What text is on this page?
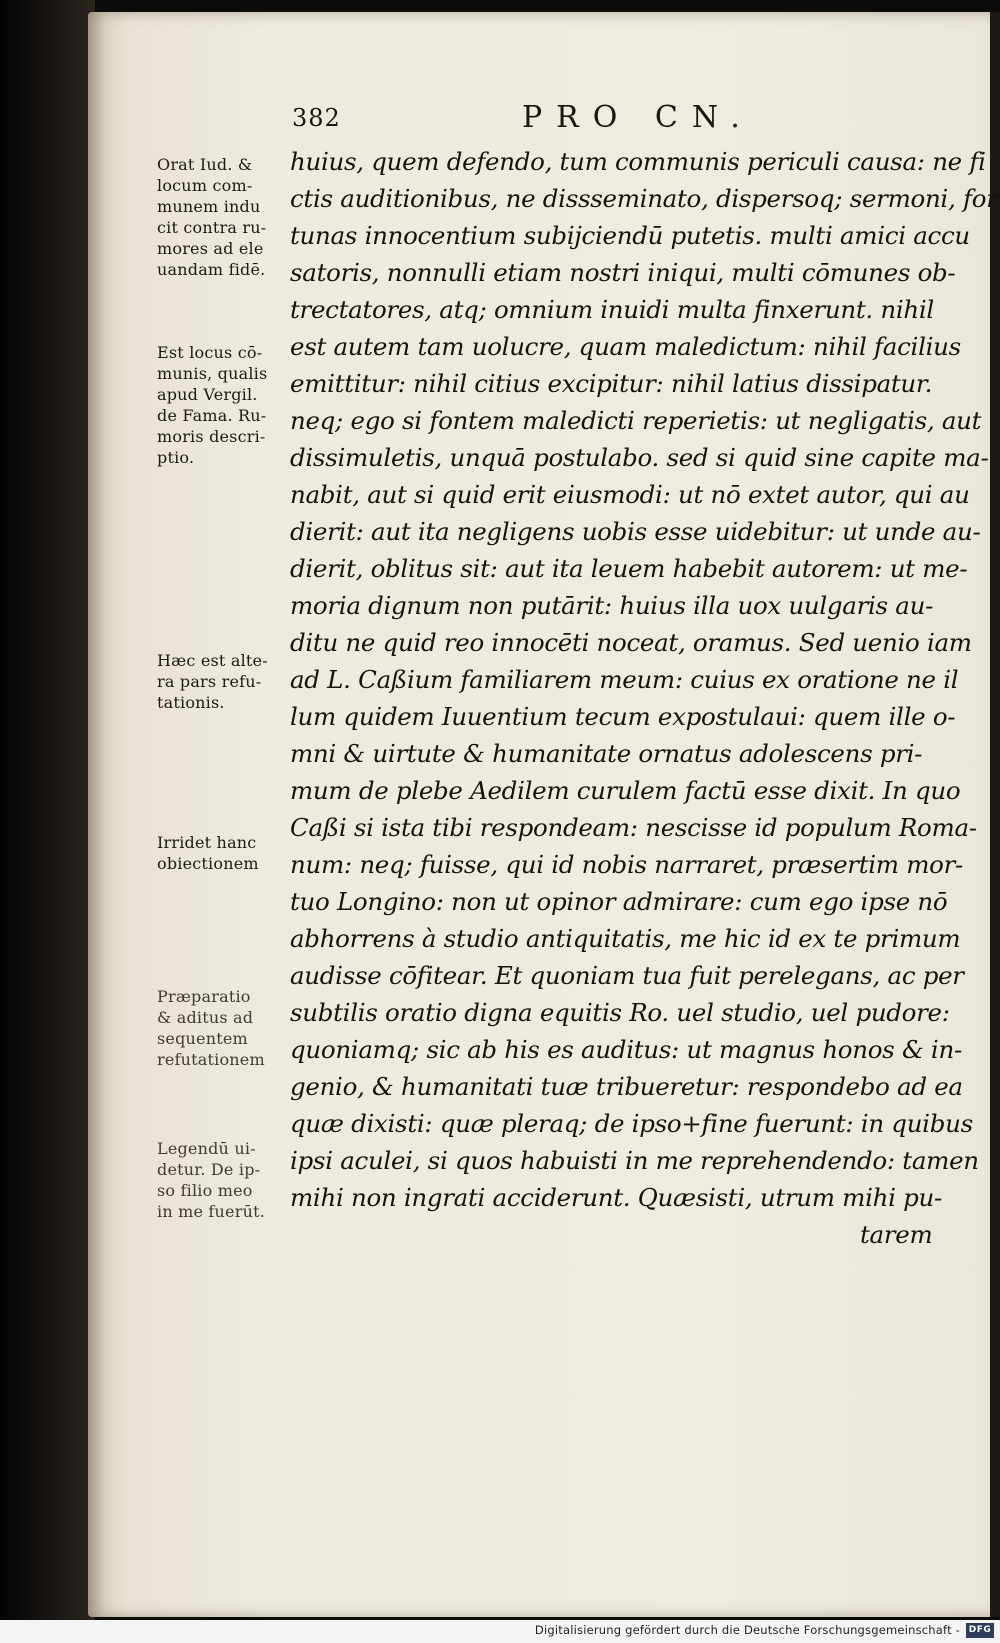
382	PRO CN.
Orat Iud. &
locum com-
munem indu
cit contra ru-
mores ad ele
uandam fidē.
Est locus cō-
munis, qualis
apud Vergil.
de Fama. Ru-
moris descri-
ptio.
Hæc est alte-
ra pars refu-
tationis.
Irridet hanc
obiectionem
Præparatio
& aditus ad
sequentem
refutationem
Legendū ui-
detur. De ip-
so filio meo
in me fuerūt.
huius, quem defendo, tum communis periculi causa: ne fi
ctis auditionibus, ne dissseminato, dispersoq; sermoni, for
tunas innocentium subijciendū putetis. multi amici accu
satoris, nonnulli etiam nostri iniqui, multi cōmunes ob-
trectatores, atq; omnium inuidi multa finxerunt. nihil
est autem tam uolucre, quam maledictum: nihil facilius
emittitur: nihil citius excipitur: nihil latius dissipatur.
neq; ego si fontem maledicti reperietis: ut negligatis, aut
dissimuletis, unquā postulabo. sed si quid sine capite ma-
nabit, aut si quid erit eiusmodi: ut nō extet autor, qui au
dierit: aut ita negligens uobis esse uidebitur: ut unde au-
dierit, oblitus sit: aut ita leuem habebit autorem: ut me-
moria dignum non putārit: huius illa uox uulgaris au-
ditu ne quid reo innocēti noceat, oramus. Sed uenio iam
ad L. Caßium familiarem meum: cuius ex oratione ne il
lum quidem Iuuentium tecum expostulaui: quem ille o-
mni & uirtute & humanitate ornatus adolescens pri-
mum de plebe Aedilem curulem factū esse dixit. In quo
Caßi si ista tibi respondeam: nescisse id populum Roma-
num: neq; fuisse, qui id nobis narraret, præsertim mor-
tuo Longino: non ut opinor admirare: cum ego ipse nō
abhorrens à studio antiquitatis, me hic id ex te primum
audisse cōfitear. Et quoniam tua fuit perelegans, ac per
subtilis oratio digna equitis Ro. uel studio, uel pudore:
quoniamq; sic ab his es auditus: ut magnus honos & in-
genio, & humanitati tuæ tribueretur: respondebo ad ea
quæ dixisti: quæ pleraq; de ipso+fine fuerunt: in quibus
ipsi aculei, si quos habuisti in me reprehendendo: tamen
mihi non ingrati acciderunt. Quæsisti, utrum mihi pu-
tarem
Digitalisierung gefördert durch die Deutsche Forschungsgemeinschaft - DFG
